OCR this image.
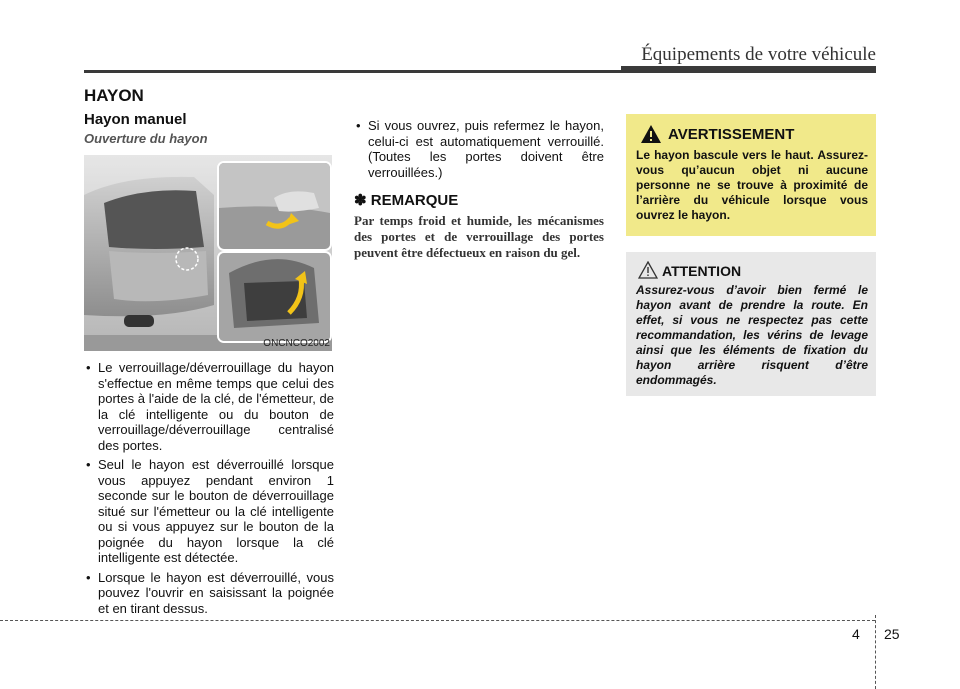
Équipements de votre véhicule
HAYON
Hayon manuel
Ouverture du hayon
ONCNCO2002
• Le verrouillage/déverrouillage du hayon s'effectue en même temps que celui des portes à l'aide de la clé, de l'émetteur, de la clé intelligente ou du bouton de verrouillage/déverrouillage centralisé des portes.
• Seul le hayon est déverrouillé lorsque vous appuyez pendant environ 1 seconde sur le bouton de déverrouillage situé sur l'émetteur ou la clé intelligente ou si vous appuyez sur le bouton de la poignée du hayon lorsque la clé intelligente est détectée.
• Lorsque le hayon est déverrouillé, vous pouvez l'ouvrir en saisissant la poignée et en tirant dessus.
• Si vous ouvrez, puis refermez le hayon, celui-ci est automatiquement verrouillé. (Toutes les portes doivent être verrouillées.)
✽ REMARQUE
Par temps froid et humide, les mécanismes des portes et de verrouillage des portes peuvent être défectueux en raison du gel.
AVERTISSEMENT
Le hayon bascule vers le haut. Assurez-vous qu’aucun objet ni aucune personne ne se trouve à proximité de l’arrière du véhicule lorsque vous ouvrez le hayon.
ATTENTION
Assurez-vous d’avoir bien fermé le hayon avant de prendre la route. En effet, si vous ne respectez pas cette recommandation, les vérins de levage ainsi que les éléments de fixation du hayon arrière risquent d’être endommagés.
4 25
